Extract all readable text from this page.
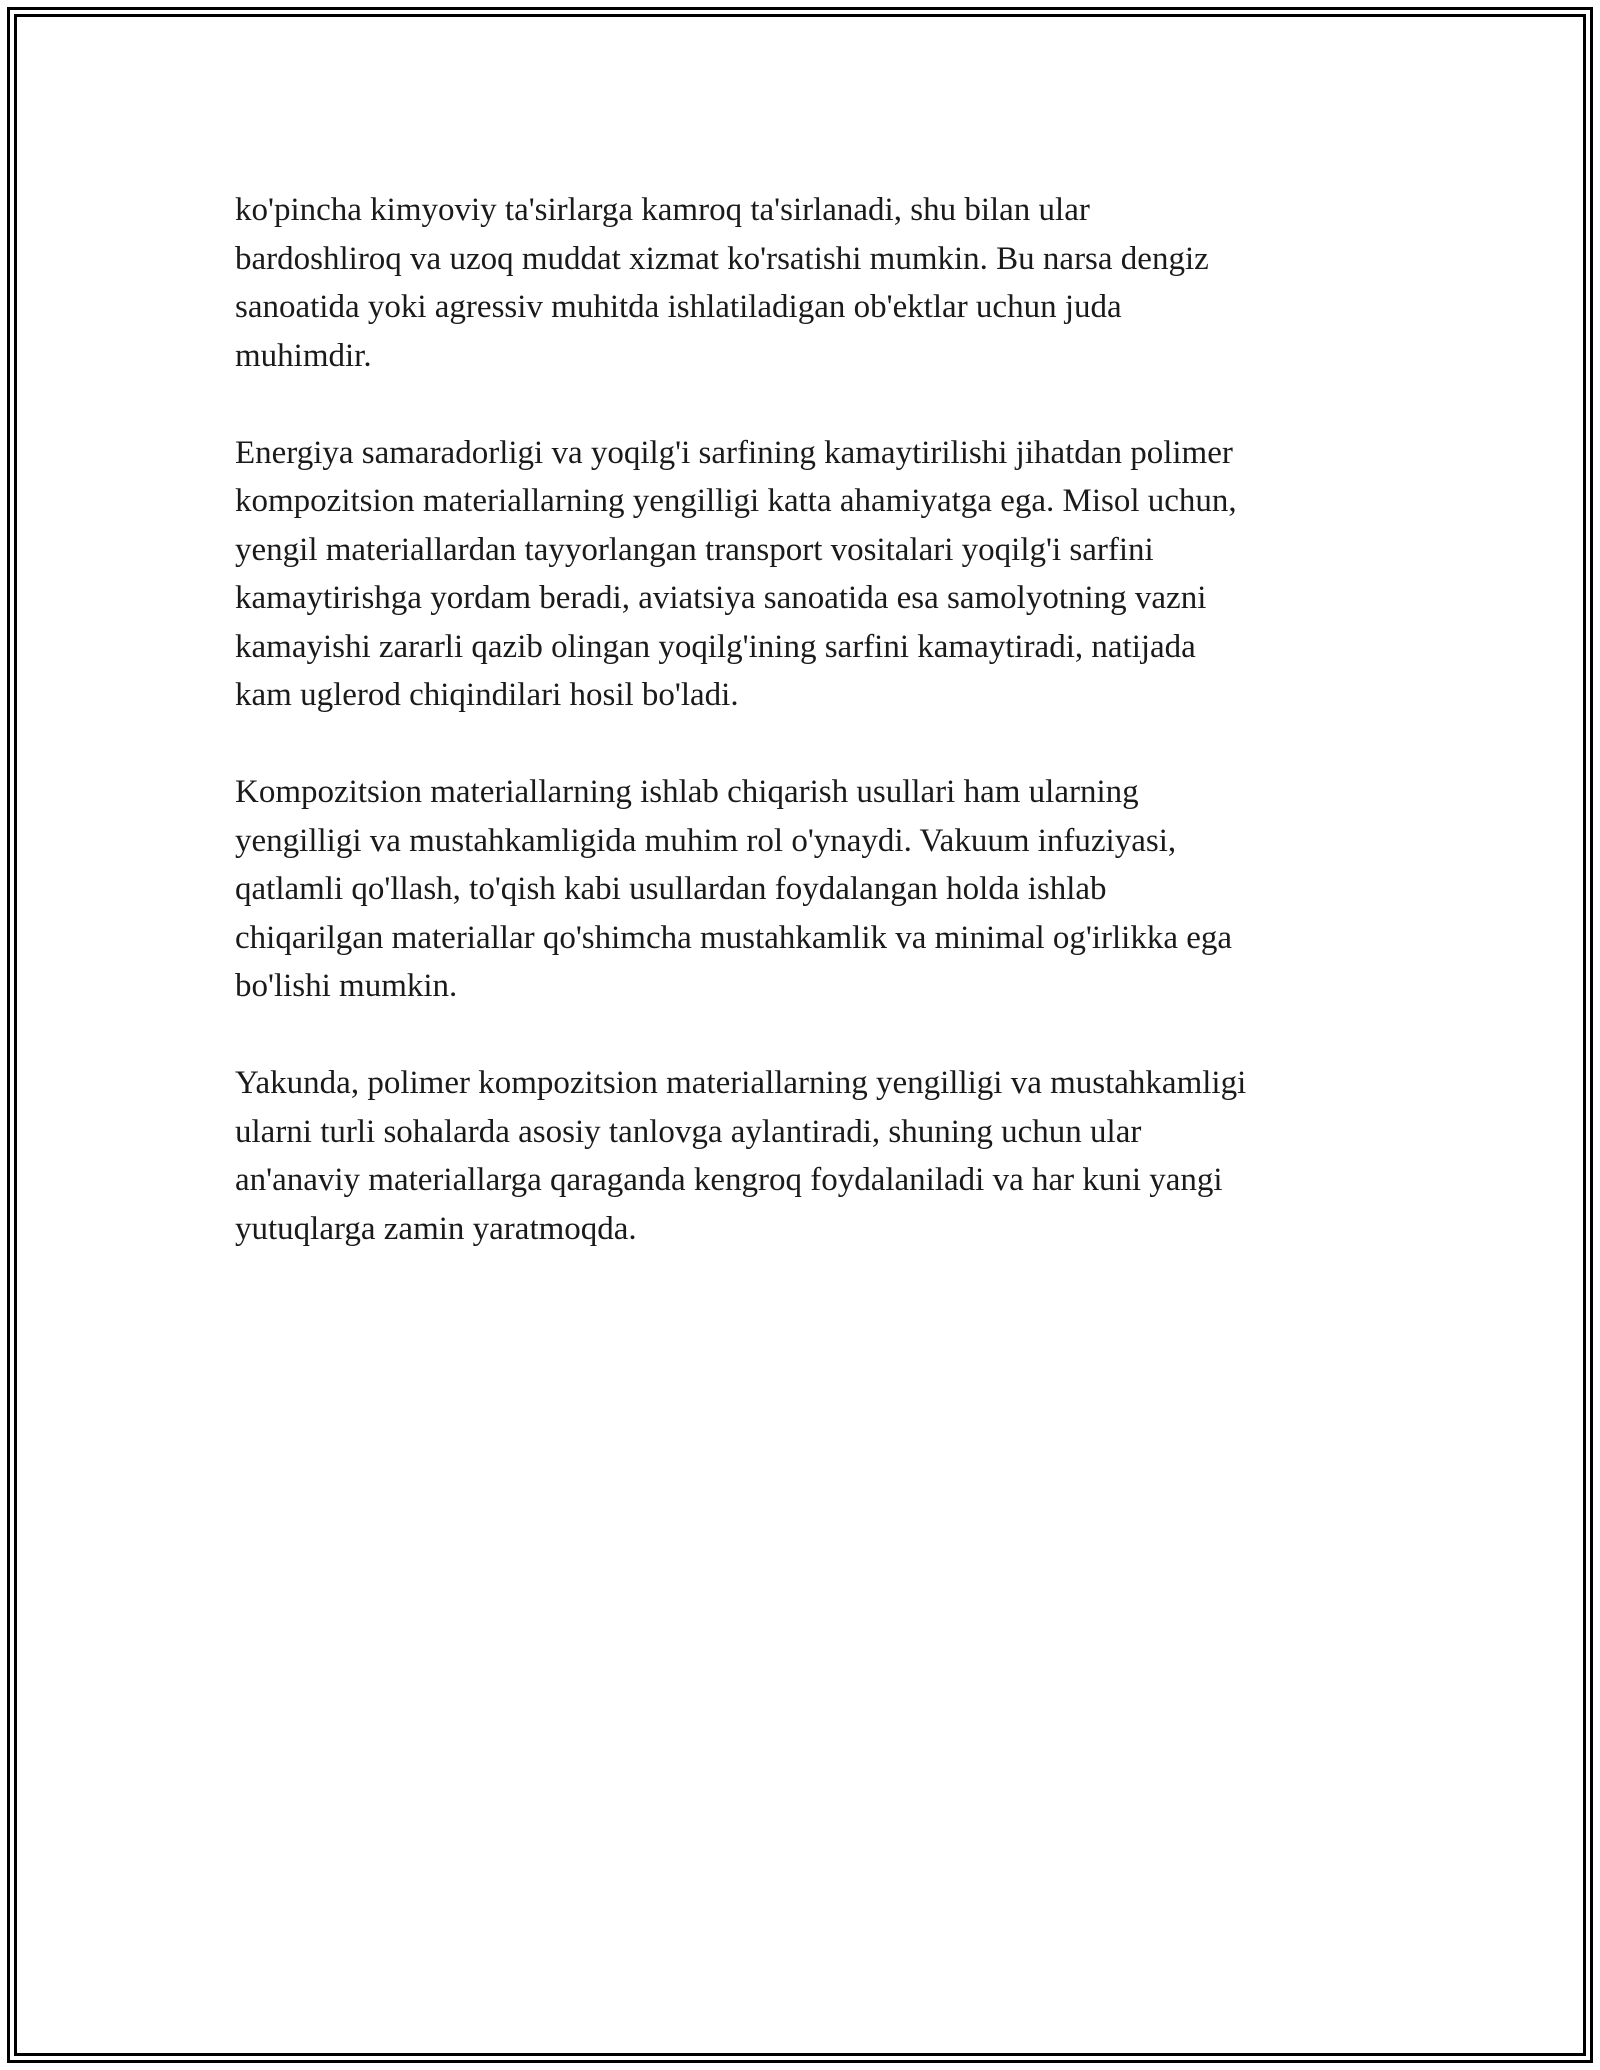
ko'pincha kimyoviy ta'sirlarga kamroq ta'sirlanadi, shu bilan ular
bardoshliroq va uzoq muddat xizmat ko'rsatishi mumkin. Bu narsa dengiz
sanoatida yoki agressiv muhitda ishlatiladigan ob'ektlar uchun juda
muhimdir.

Energiya samaradorligi va yoqilg'i sarfining kamaytirilishi jihatdan polimer
kompozitsion materiallarning yengilligi katta ahamiyatga ega. Misol uchun,
yengil materiallardan tayyorlangan transport vositalari yoqilg'i sarfini
kamaytirishga yordam beradi, aviatsiya sanoatida esa samolyotning vazni
kamayishi zararli qazib olingan yoqilg'ining sarfini kamaytiradi, natijada
kam uglerod chiqindilari hosil bo'ladi.

Kompozitsion materiallarning ishlab chiqarish usullari ham ularning
yengilligi va mustahkamligida muhim rol o'ynaydi. Vakuum infuziyasi,
qatlamli qo'llash, to'qish kabi usullardan foydalangan holda ishlab
chiqarilgan materiallar qo'shimcha mustahkamlik va minimal og'irlikka ega
bo'lishi mumkin.

Yakunda, polimer kompozitsion materiallarning yengilligi va mustahkamligi
ularni turli sohalarda asosiy tanlovga aylantiradi, shuning uchun ular
an'anaviy materiallarga qaraganda kengroq foydalaniladi va har kuni yangi
yutuqlarga zamin yaratmoqda.
